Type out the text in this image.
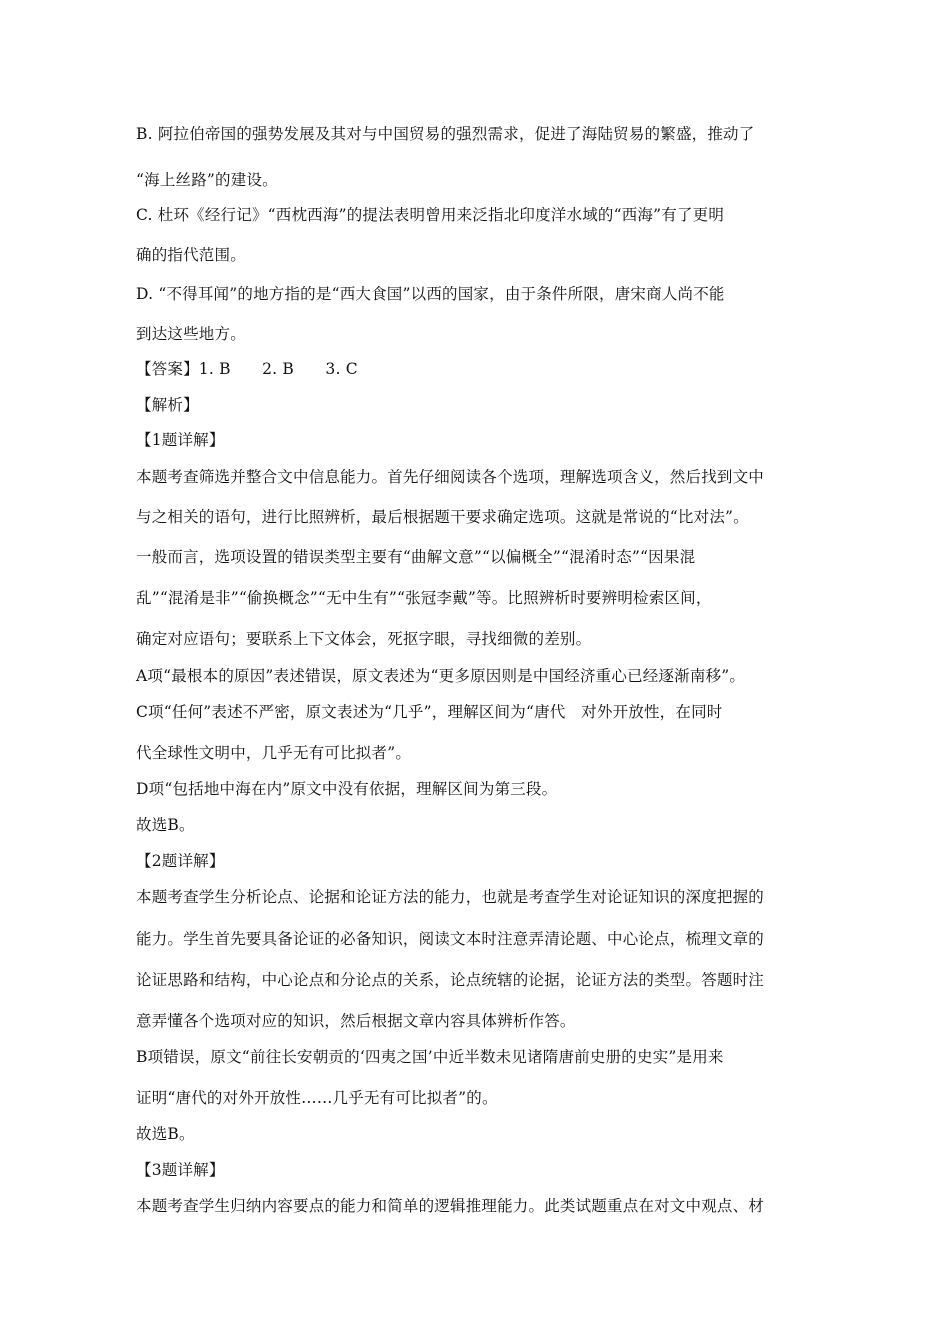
B. 阿拉伯帝国的强势发展及其对与中国贸易的强烈需求，促进了海陆贸易的繁盛，推动了
“海上丝路”的建设。
C. 杜环《经行记》“西枕西海”的提法表明曾用来泛指北印度洋水域的“西海”有了更明
确的指代范围。
D. “不得耳闻”的地方指的是“西大食国”以西的国家，由于条件所限，唐宋商人尚不能
到达这些地方。
【答案】1. B　　2. B　　3. C
【解析】
【1题详解】
本题考查筛选并整合文中信息能力。首先仔细阅读各个选项，理解选项含义，然后找到文中
与之相关的语句，进行比照辨析，最后根据题干要求确定选项。这就是常说的“比对法”。
一般而言，选项设置的错误类型主要有“曲解文意”“以偏概全”“混淆时态”“因果混
乱”“混淆是非”“偷换概念”“无中生有”“张冠李戴”等。比照辨析时要辨明检索区间，
确定对应语句；要联系上下文体会，死抠字眼，寻找细微的差别。
A项“最根本的原因”表述错误，原文表述为“更多原因则是中国经济重心已经逐渐南移”。
C项“任何”表述不严密，原文表述为“几乎”，理解区间为“唐代　对外开放性，在同时
代全球性文明中，几乎无有可比拟者”。
D项“包括地中海在内”原文中没有依据，理解区间为第三段。
故选B。
【2题详解】
本题考查学生分析论点、论据和论证方法的能力，也就是考查学生对论证知识的深度把握的
能力。学生首先要具备论证的必备知识，阅读文本时注意弄清论题、中心论点，梳理文章的
论证思路和结构，中心论点和分论点的关系，论点统辖的论据，论证方法的类型。答题时注
意弄懂各个选项对应的知识，然后根据文章内容具体辨析作答。
B项错误，原文“前往长安朝贡的‘四夷之国’中近半数未见诸隋唐前史册的史实”是用来
证明“唐代的对外开放性……几乎无有可比拟者”的。
故选B。
【3题详解】
本题考查学生归纳内容要点的能力和简单的逻辑推理能力。此类试题重点在对文中观点、材
